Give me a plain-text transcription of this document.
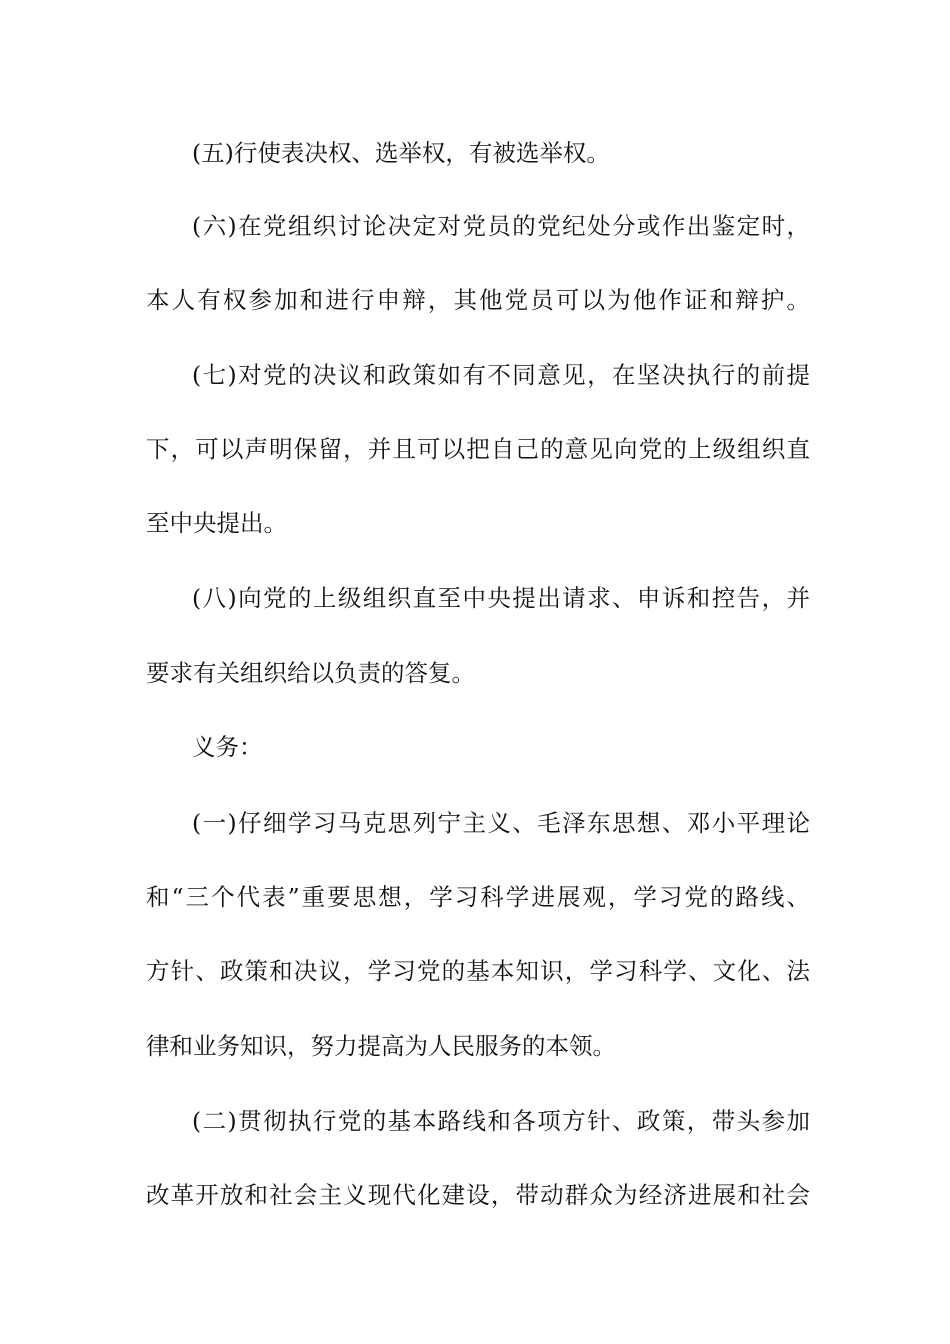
(五)行使表决权、选举权，有被选举权。
(六)在党组织讨论决定对党员的党纪处分或作出鉴定时，
本人有权参加和进行申辩，其他党员可以为他作证和辩护。
(七)对党的决议和政策如有不同意见，在坚决执行的前提
下，可以声明保留，并且可以把自己的意见向党的上级组织直
至中央提出。
(八)向党的上级组织直至中央提出请求、申诉和控告，并
要求有关组织给以负责的答复。
义务：
(一)仔细学习马克思列宁主义、毛泽东思想、邓小平理论
和“三个代表”重要思想，学习科学进展观，学习党的路线、
方针、政策和决议，学习党的基本知识，学习科学、文化、法
律和业务知识，努力提高为人民服务的本领。
(二)贯彻执行党的基本路线和各项方针、政策，带头参加
改革开放和社会主义现代化建设，带动群众为经济进展和社会
